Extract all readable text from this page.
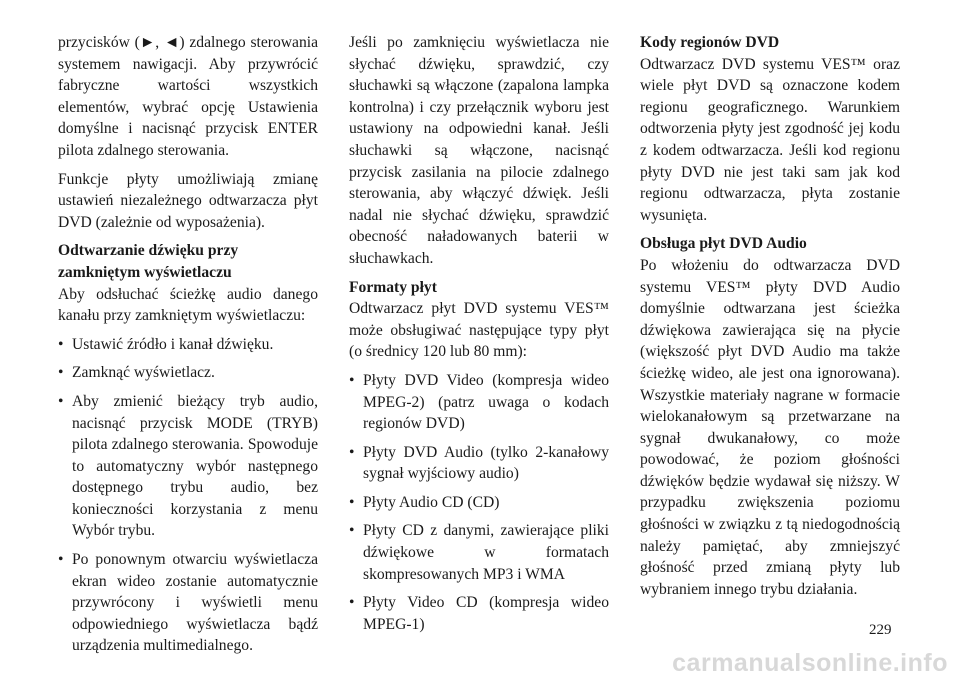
przycisków (►, ◄) zdalnego sterowania systemem nawigacji. Aby przywrócić fabryczne wartości wszystkich elementów, wybrać opcję Ustawienia domyślne i nacisnąć przycisk ENTER pilota zdalnego sterowania.

Funkcje płyty umożliwiają zmianę ustawień niezależnego odtwarzacza płyt DVD (zależnie od wyposażenia).

Odtwarzanie dźwięku przy zamkniętym wyświetlaczu

Aby odsłuchać ścieżkę audio danego kanału przy zamkniętym wyświetlaczu:

• Ustawić źródło i kanał dźwięku.
• Zamknąć wyświetlacz.
• Aby zmienić bieżący tryb audio, nacisnąć przycisk MODE (TRYB) pilota zdalnego sterowania. Spowoduje to automatyczny wybór następnego dostępnego trybu audio, bez konieczności korzystania z menu Wybór trybu.
• Po ponownym otwarciu wyświetlacza ekran wideo zostanie automatycznie przywrócony i wyświetli menu odpowiedniego wyświetlacza bądź urządzenia multimedialnego.

Jeśli po zamknięciu wyświetlacza nie słychać dźwięku, sprawdzić, czy słuchawki są włączone (zapalona lampka kontrolna) i czy przełącznik wyboru jest ustawiony na odpowiedni kanał. Jeśli słuchawki są włączone, nacisnąć przycisk zasilania na pilocie zdalnego sterowania, aby włączyć dźwięk. Jeśli nadal nie słychać dźwięku, sprawdzić obecność naładowanych baterii w słuchawkach.

Formaty płyt

Odtwarzacz płyt DVD systemu VES™ może obsługiwać następujące typy płyt (o średnicy 120 lub 80 mm):

• Płyty DVD Video (kompresja wideo MPEG-2) (patrz uwaga o kodach regionów DVD)
• Płyty DVD Audio (tylko 2-kanałowy sygnał wyjściowy audio)
• Płyty Audio CD (CD)
• Płyty CD z danymi, zawierające pliki dźwiękowe w formatach skompresowanych MP3 i WMA
• Płyty Video CD (kompresja wideo MPEG-1)
Kody regionów DVD

Odtwarzacz DVD systemu VES™ oraz wiele płyt DVD są oznaczone kodem regionu geograficznego. Warunkiem odtworzenia płyty jest zgodność jej kodu z kodem odtwarzacza. Jeśli kod regionu płyty DVD nie jest taki sam jak kod regionu odtwarzacza, płyta zostanie wysunięta.

Obsługa płyt DVD Audio

Po włożeniu do odtwarzacza DVD systemu VES™ płyty DVD Audio domyślnie odtwarzana jest ścieżka dźwiękowa zawierająca się na płycie (większość płyt DVD Audio ma także ścieżkę wideo, ale jest ona ignorowana). Wszystkie materiały nagrane w formacie wielokanałowym są przetwarzane na sygnał dwukanałowy, co może powodować, że poziom głośności dźwięków będzie wydawał się niższy. W przypadku zwiększenia poziomu głośności w związku z tą niedogodnością należy pamiętać, aby zmniejszyć głośność przed zmianą płyty lub wybraniem innego trybu działania.

229
carmanualsonline.info
